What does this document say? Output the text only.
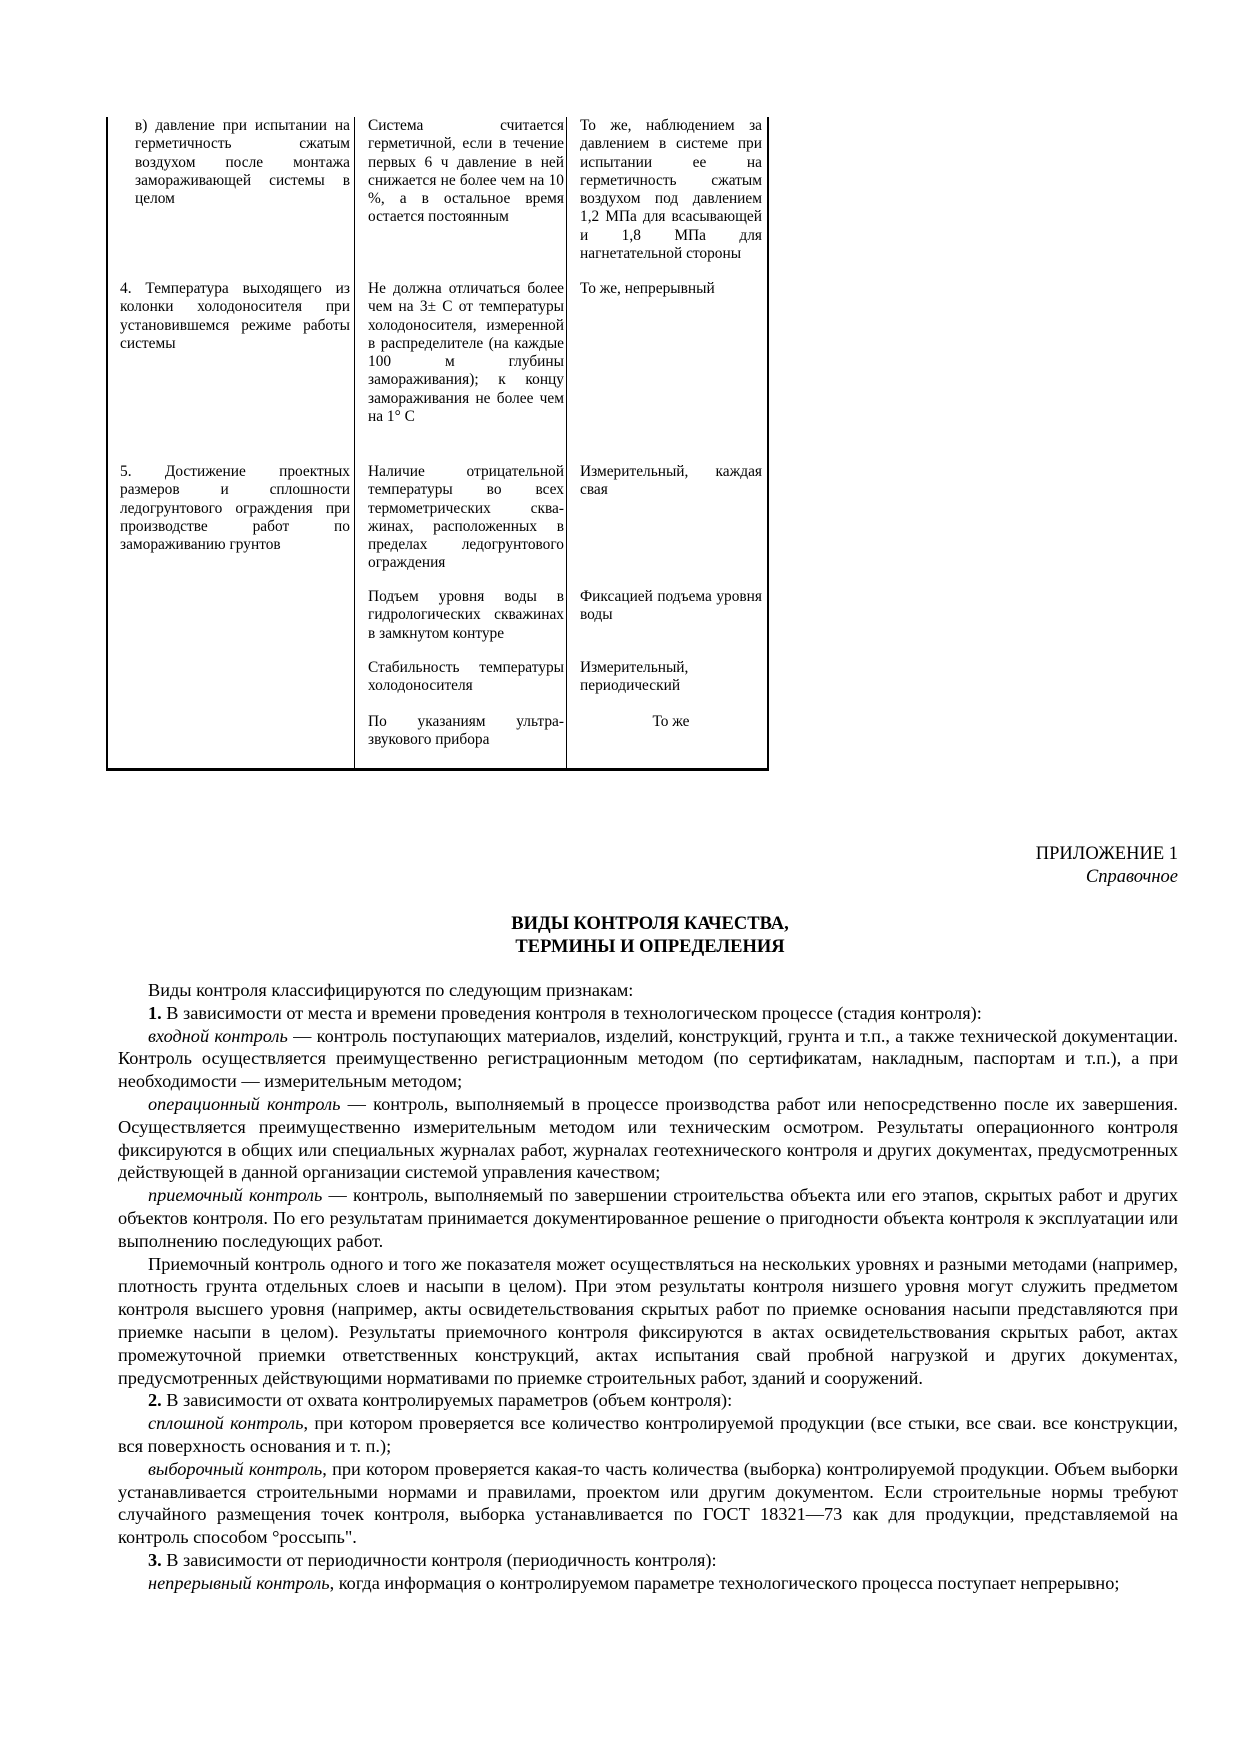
в) давление при испытании на герметичность сжатым воздухом после монтажа замораживающей системы в целом
Система считается герметичной, если в течение первых 6 ч давление в ней снижается не более чем на 10 %, а в остальное время остается постоянным
То же, наблюдением за давлением в системе при испытании ее на герметичность сжатым воздухом под давлением 1,2 МПа для всасывающей и 1,8 МПа для нагнетательной стороны
4. Температура выходящего из колонки холодоносителя при установившемся режиме работы системы
Не должна отличаться более чем на 3± С от температуры холодоносителя, измеренной в распределителе (на каждые 100 м глубины замораживания); к концу замораживания не более чем на 1° С
То же, непрерывный
5. Достижение проектных размеров и сплошности ледогрунтового ограждения при производстве работ по замораживанию грунтов
Наличие отрицательной температуры во всех термометрических скважинах, расположенных в пределах ледогрунтового ограждения
Измерительный, каждая свая
Подъем уровня воды в гидрологических скважинах в замкнутом контуре
Фиксацией подъема уровня воды
Стабильность температуры холодоносителя
Измерительный, периодический
По указаниям ультразвукового прибора
То же
ПРИЛОЖЕНИЕ 1
Справочное
ВИДЫ КОНТРОЛЯ КАЧЕСТВА,
ТЕРМИНЫ И ОПРЕДЕЛЕНИЯ

Виды контроля классифицируются по следующим признакам:

1. В зависимости от места и времени проведения контроля в технологическом процессе (стадия контроля):

входной контроль — контроль поступающих материалов, изделий, конструкций, грунта и т.п., а также технической документации. Контроль осуществляется преимущественно регистрационным методом (по сертификатам, накладным, паспортам и т.п.), а при необходимости — измерительным методом;

операционный контроль — контроль, выполняемый в процессе производства работ или непосредственно после их завершения. Осуществляется преимущественно измерительным методом или техническим осмотром. Результаты операционного контроля фиксируются в общих или специальных журналах работ, журналах геотехнического контроля и других документах, предусмотренных действующей в данной организации системой управления качеством;

приемочный контроль — контроль, выполняемый по завершении строительства объекта или его этапов, скрытых работ и других объектов контроля. По его результатам принимается документированное решение о пригодности объекта контроля к эксплуатации или выполнению последующих работ.

Приемочный контроль одного и того же показателя может осуществляться на нескольких уровнях и разными методами (например, плотность грунта отдельных слоев и насыпи в целом). При этом результаты контроля низшего уровня могут служить предметом контроля высшего уровня (например, акты освидетельствования скрытых работ по приемке основания насыпи представляются при приемке насыпи в целом). Результаты приемочного контроля фиксируются в актах освидетельствования скрытых работ, актах промежуточной приемки ответственных конструкций, актах испытания свай пробной нагрузкой и других документах, предусмотренных действующими нормативами по приемке строительных работ, зданий и сооружений.

2. В зависимости от охвата контролируемых параметров (объем контроля):

сплошной контроль, при котором проверяется все количество контролируемой продукции (все стыки, все сваи. все конструкции, вся поверхность основания и т. п.);

выборочный контроль, при котором проверяется какая-то часть количества (выборка) контролируемой продукции. Объем выборки устанавливается строительными нормами и правилами, проектом или другим документом. Если строительные нормы требуют случайного размещения точек контроля, выборка устанавливается по ГОСТ 18321—73 как для продукции, представляемой на контроль способом °россыпь".

3. В зависимости от периодичности контроля (периодичность контроля):

непрерывный контроль, когда информация о контролируемом параметре технологического процесса поступает непрерывно;
